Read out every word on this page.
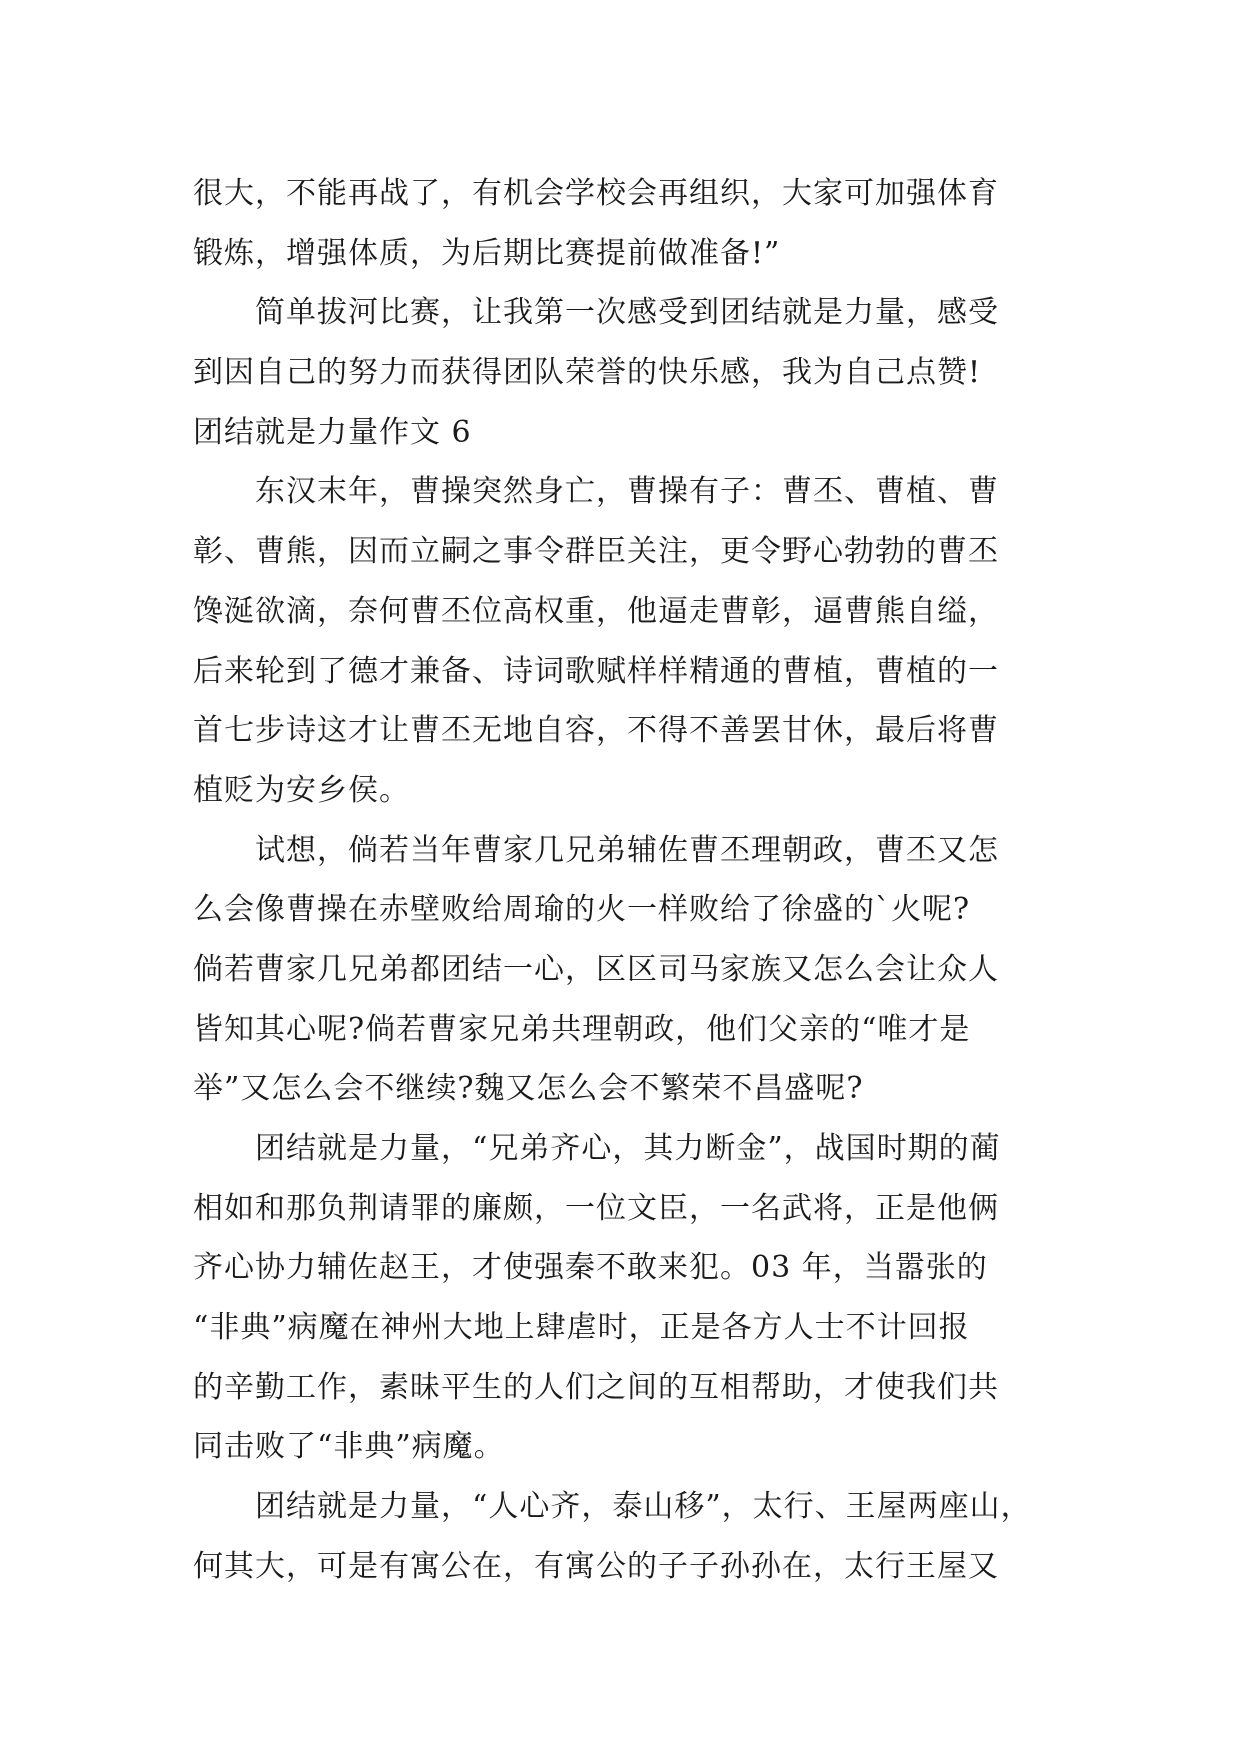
很大，不能再战了，有机会学校会再组织，大家可加强体育
锻炼，增强体质，为后期比赛提前做准备!”
简单拔河比赛，让我第一次感受到团结就是力量，感受
到因自己的努力而获得团队荣誉的快乐感，我为自己点赞!
团结就是力量作文 6
东汉末年，曹操突然身亡，曹操有子：曹丕、曹植、曹
彰、曹熊，因而立嗣之事令群臣关注，更令野心勃勃的曹丕
馋涎欲滴，奈何曹丕位高权重，他逼走曹彰，逼曹熊自缢，
后来轮到了德才兼备、诗词歌赋样样精通的曹植，曹植的一
首七步诗这才让曹丕无地自容，不得不善罢甘休，最后将曹
植贬为安乡侯。
试想，倘若当年曹家几兄弟辅佐曹丕理朝政，曹丕又怎
么会像曹操在赤壁败给周瑜的火一样败给了徐盛的`火呢?
倘若曹家几兄弟都团结一心，区区司马家族又怎么会让众人
皆知其心呢?倘若曹家兄弟共理朝政，他们父亲的“唯才是
举”又怎么会不继续?魏又怎么会不繁荣不昌盛呢?
团结就是力量，“兄弟齐心，其力断金”，战国时期的蔺
相如和那负荆请罪的廉颇，一位文臣，一名武将，正是他俩
齐心协力辅佐赵王，才使强秦不敢来犯。03 年，当嚣张的
“非典”病魔在神州大地上肆虐时，正是各方人士不计回报
的辛勤工作，素昧平生的人们之间的互相帮助，才使我们共
同击败了“非典”病魔。
团结就是力量，“人心齐，泰山移”，太行、王屋两座山，
何其大，可是有寓公在，有寓公的子子孙孙在，太行王屋又
